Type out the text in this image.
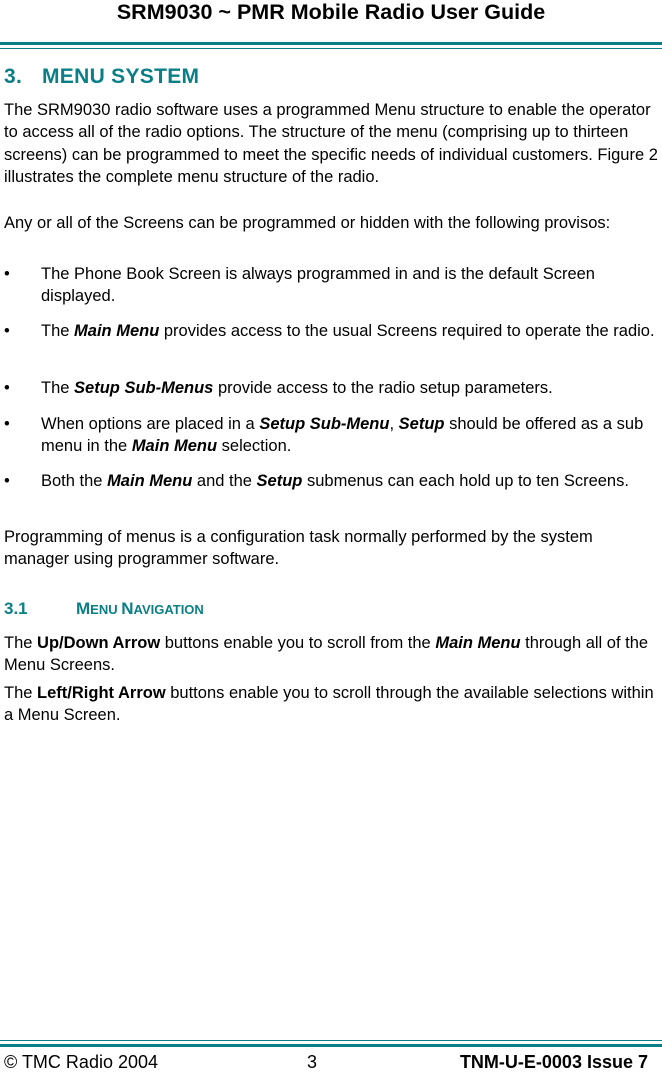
SRM9030 ~ PMR Mobile Radio User Guide
3. MENU SYSTEM

The SRM9030 radio software uses a programmed Menu structure to enable the operator to access all of the radio options. The structure of the menu (comprising up to thirteen screens) can be programmed to meet the specific needs of individual customers. Figure 2 illustrates the complete menu structure of the radio.

Any or all of the Screens can be programmed or hidden with the following provisos:

• The Phone Book Screen is always programmed in and is the default Screen displayed.
• The Main Menu provides access to the usual Screens required to operate the radio.
• The Setup Sub-Menus provide access to the radio setup parameters.
• When options are placed in a Setup Sub-Menu, Setup should be offered as a sub menu in the Main Menu selection.
• Both the Main Menu and the Setup submenus can each hold up to ten Screens.

Programming of menus is a configuration task normally performed by the system manager using programmer software.

3.1	MENU NAVIGATION

The Up/Down Arrow buttons enable you to scroll from the Main Menu through all of the Menu Screens.

The Left/Right Arrow buttons enable you to scroll through the available selections within a Menu Screen.

© TMC Radio 2004	3	TNM-U-E-0003 Issue 7
